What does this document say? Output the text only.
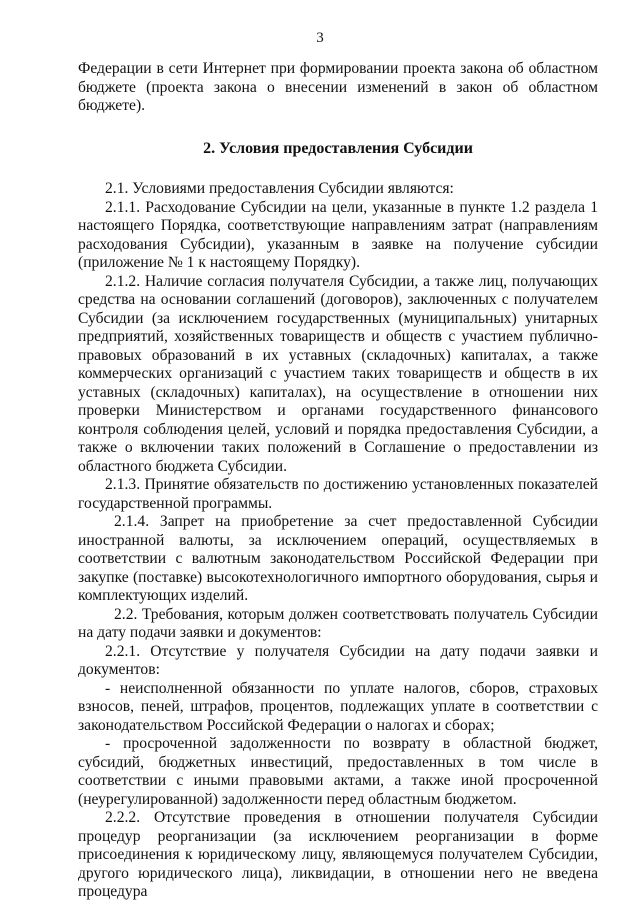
3

Федерации в сети Интернет при формировании проекта закона об областном бюджете (проекта закона о внесении изменений в закон об областном бюджете).

2. Условия предоставления Субсидии

2.1. Условиями предоставления Субсидии являются:

2.1.1. Расходование Субсидии на цели, указанные в пункте 1.2 раздела 1 настоящего Порядка, соответствующие направлениям затрат (направлениям расходования Субсидии), указанным в заявке на получение субсидии (приложение № 1 к настоящему Порядку).

2.1.2. Наличие согласия получателя Субсидии, а также лиц, получающих средства на основании соглашений (договоров), заключенных с получателем Субсидии (за исключением государственных (муниципальных) унитарных предприятий, хозяйственных товариществ и обществ с участием публично-правовых образований в их уставных (складочных) капиталах, а также коммерческих организаций с участием таких товариществ и обществ в их уставных (складочных) капиталах), на осуществление в отношении них проверки Министерством и органами государственного финансового контроля соблюдения целей, условий и порядка предоставления Субсидии, а также о включении таких положений в Соглашение о предоставлении из областного бюджета Субсидии.

2.1.3. Принятие обязательств по достижению установленных показателей государственной программы.

2.1.4. Запрет на приобретение за счет предоставленной Субсидии иностранной валюты, за исключением операций, осуществляемых в соответствии с валютным законодательством Российской Федерации при закупке (поставке) высокотехнологичного импортного оборудования, сырья и комплектующих изделий.

2.2. Требования, которым должен соответствовать получатель Субсидии на дату подачи заявки и документов:

2.2.1. Отсутствие у получателя Субсидии на дату подачи заявки и документов:

- неисполненной обязанности по уплате налогов, сборов, страховых взносов, пеней, штрафов, процентов, подлежащих уплате в соответствии с законодательством Российской Федерации о налогах и сборах;

- просроченной задолженности по возврату в областной бюджет, субсидий, бюджетных инвестиций, предоставленных в том числе в соответствии с иными правовыми актами, а также иной просроченной (неурегулированной) задолженности перед областным бюджетом.

2.2.2. Отсутствие проведения в отношении получателя Субсидии процедур реорганизации (за исключением реорганизации в форме присоединения к юридическому лицу, являющемуся получателем Субсидии, другого юридического лица), ликвидации, в отношении него не введена процедура
